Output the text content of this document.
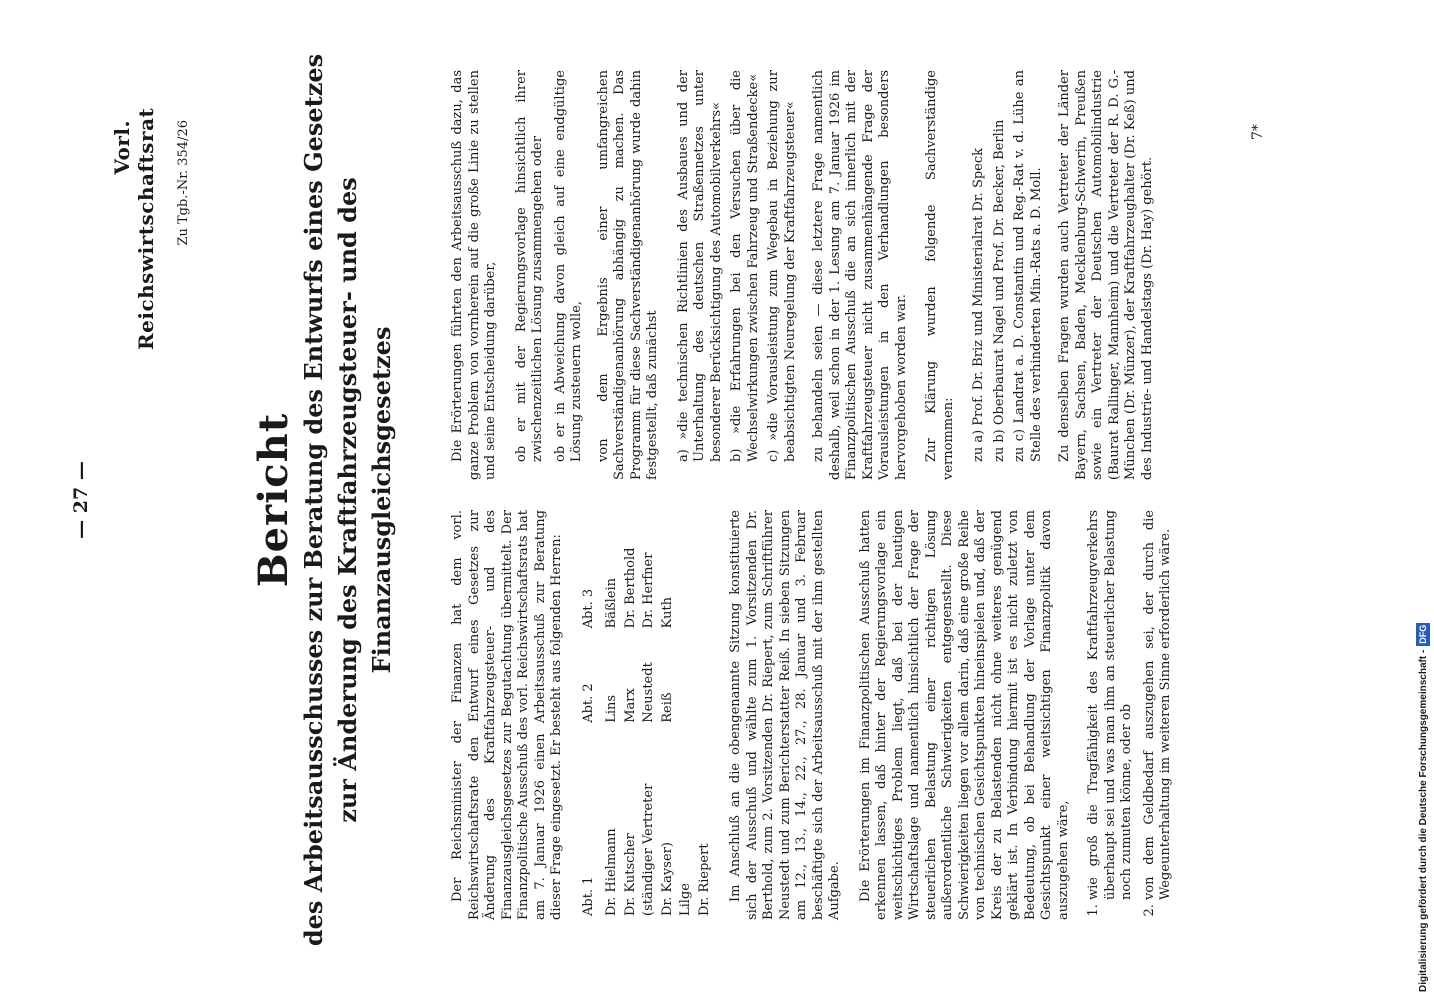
— 27 —
Vorl. Reichswirtschaftsrat Zu Tgb.-Nr. 354/26
Bericht des Arbeitsausschusses zur Beratung des Entwurfs eines Gesetzes zur Änderung des Kraftfahrzeugsteuer- und des Finanzausgleichsgesetzes

Der Reichsminister der Finanzen hat dem vorl. Reichswirtschaftsrate den Entwurf eines Gesetzes zur Änderung des Kraftfahrzeugsteuer- und des Finanzausgleichsgesetzes zur Begutachtung übermittelt. Der Finanzpolitische Ausschuß des vorl. Reichswirtschaftsrats hat am 7. Januar 1926 einen Arbeitsausschuß zur Beratung dieser Frage eingesetzt. Er besteht aus folgenden Herren: Abt. 1	Abt. 2	Abt. 3
Dr. Hielmann	Lins	Bäßlein
Dr. Kutscher	Marx	Dr. Berthold
(ständiger Vertreter	Neustedt	Dr. Herfner
Dr. Kayser)	Reiß	Kuth
Lilge		
Dr. Riepert		Im Anschluß an die obengenannte Sitzung konstituierte sich der Ausschuß und wählte zum 1. Vorsitzenden Dr. Berthold, zum 2. Vorsitzenden Dr. Riepert, zum Schriftführer Neustedt und zum Berichterstatter Reiß. In sieben Sitzungen am 12., 13., 14., 22., 27., 28. Januar und 3. Februar beschäftigte sich der Arbeitsausschuß mit der ihm gestellten Aufgabe. Die Erörterungen im Finanzpolitischen Ausschuß hatten erkennen lassen, daß hinter der Regierungsvorlage ein weitschichtiges Problem liegt, daß bei der heutigen Wirtschaftslage und namentlich hinsichtlich der Frage der steuerlichen Belastung einer richtigen Lösung außerordentliche Schwierigkeiten entgegenstellt. Diese Schwierigkeiten liegen vor allem darin, daß eine große Reihe von technischen Gesichtspunkten hineinspielen und, daß der Kreis der zu Belastenden nicht ohne weiteres genügend geklärt ist. In Verbindung hiermit ist es nicht zuletzt von Bedeutung, ob bei Behandlung der Vorlage unter dem Gesichtspunkt einer weitsichtigen Finanzpolitik davon auszugehen wäre, 1. wie groß die Tragfähigkeit des Kraftfahrzeugverkehrs überhaupt sei und was man ihm an steuerlicher Belastung noch zumuten könne, oder ob 2. von dem Geldbedarf auszugehen sei, der durch die Wegeunterhaltung im weiteren Sinne erforderlich wäre.

Die Erörterungen führten den Arbeitsausschuß dazu, das ganze Problem von vornherein auf die große Linie zu stellen und seine Entscheidung darüber, ob er mit der Regierungsvorlage hinsichtlich ihrer zwischenzeitlichen Lösung zusammengehen oder ob er in Abweichung davon gleich auf eine endgültige Lösung zusteuern wolle, von dem Ergebnis einer umfangreichen Sachverständigenanhörung abhängig zu machen. Das Programm für diese Sachverständigenanhörung wurde dahin festgestellt, daß zunächst a) »die technischen Richtlinien des Ausbaues und der Unterhaltung des deutschen Straßennetzes unter besonderer Berücksichtigung des Automobilverkehrs« b) »die Erfahrungen bei den Versuchen über die Wechselwirkungen zwischen Fahrzeug und Straßendecke« c) »die Vorausleistung zum Wegebau in Beziehung zur beabsichtigten Neuregelung der Kraftfahrzeugsteuer« zu behandeln seien — diese letztere Frage namentlich deshalb, weil schon in der 1. Lesung am 7. Januar 1926 im Finanzpolitischen Ausschuß die an sich innerlich mit der Kraftfahrzeugsteuer nicht zusammenhängende Frage der Vorausleistungen in den Verhandlungen besonders hervorgehoben worden war. Zur Klärung wurden folgende Sachverständige vernommen: zu a) Prof. Dr. Briz und Ministerialrat Dr. Speck zu b) Oberbaurat Nagel und Prof. Dr. Becker, Berlin zu c) Landrat a. D. Constantin und Reg.-Rat v. d. Lühe an Stelle des verhinderten Min.-Rats a. D. Moll. Zu denselben Fragen wurden auch Vertreter der Länder Bayern, Sachsen, Baden, Mecklenburg-Schwerin, Preußen sowie ein Vertreter der Deutschen Automobilindustrie (Baurat Rallinger, Mannheim) und die Vertreter der R. D. G.-München (Dr. Münzer), der Kraftfahrzeughalter (Dr. Keß) und des Industrie- und Handelstags (Dr. Hay) gehört.

7*
Digitalisierung gefördert durch die Deutsche Forschungsgemeinschaft -DFG
